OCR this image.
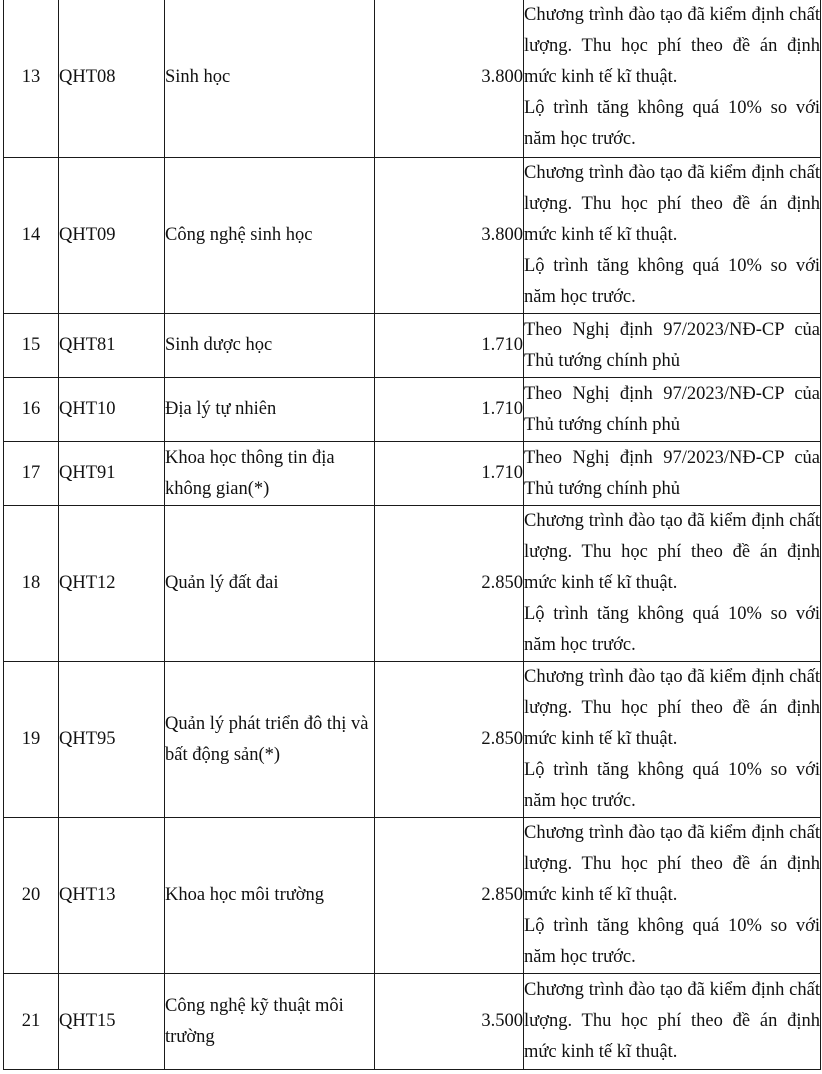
13	QHT08	Sinh học	3.800	Chương trình đào tạo đã kiểm định chất lượng. Thu học phí theo đề án định mức kinh tế kĩ thuật.
Lộ trình tăng không quá 10% so với năm học trước.

14	QHT09	Công nghệ sinh học	3.800	Chương trình đào tạo đã kiểm định chất lượng. Thu học phí theo đề án định mức kinh tế kĩ thuật.
Lộ trình tăng không quá 10% so với năm học trước.

15	QHT81	Sinh dược học	1.710	Theo Nghị định 97/2023/NĐ-CP của Thủ tướng chính phủ

16	QHT10	Địa lý tự nhiên	1.710	Theo Nghị định 97/2023/NĐ-CP của Thủ tướng chính phủ

17	QHT91	Khoa học thông tin địa không gian(*)	1.710	Theo Nghị định 97/2023/NĐ-CP của Thủ tướng chính phủ

18	QHT12	Quản lý đất đai	2.850	Chương trình đào tạo đã kiểm định chất lượng. Thu học phí theo đề án định mức kinh tế kĩ thuật.
Lộ trình tăng không quá 10% so với năm học trước.

19	QHT95	Quản lý phát triển đô thị và bất động sản(*)	2.850	Chương trình đào tạo đã kiểm định chất lượng. Thu học phí theo đề án định mức kinh tế kĩ thuật.
Lộ trình tăng không quá 10% so với năm học trước.

20	QHT13	Khoa học môi trường	2.850	Chương trình đào tạo đã kiểm định chất lượng. Thu học phí theo đề án định mức kinh tế kĩ thuật.
Lộ trình tăng không quá 10% so với năm học trước.

21	QHT15	Công nghệ kỹ thuật môi trường	3.500	Chương trình đào tạo đã kiểm định chất lượng. Thu học phí theo đề án định mức kinh tế kĩ thuật.
